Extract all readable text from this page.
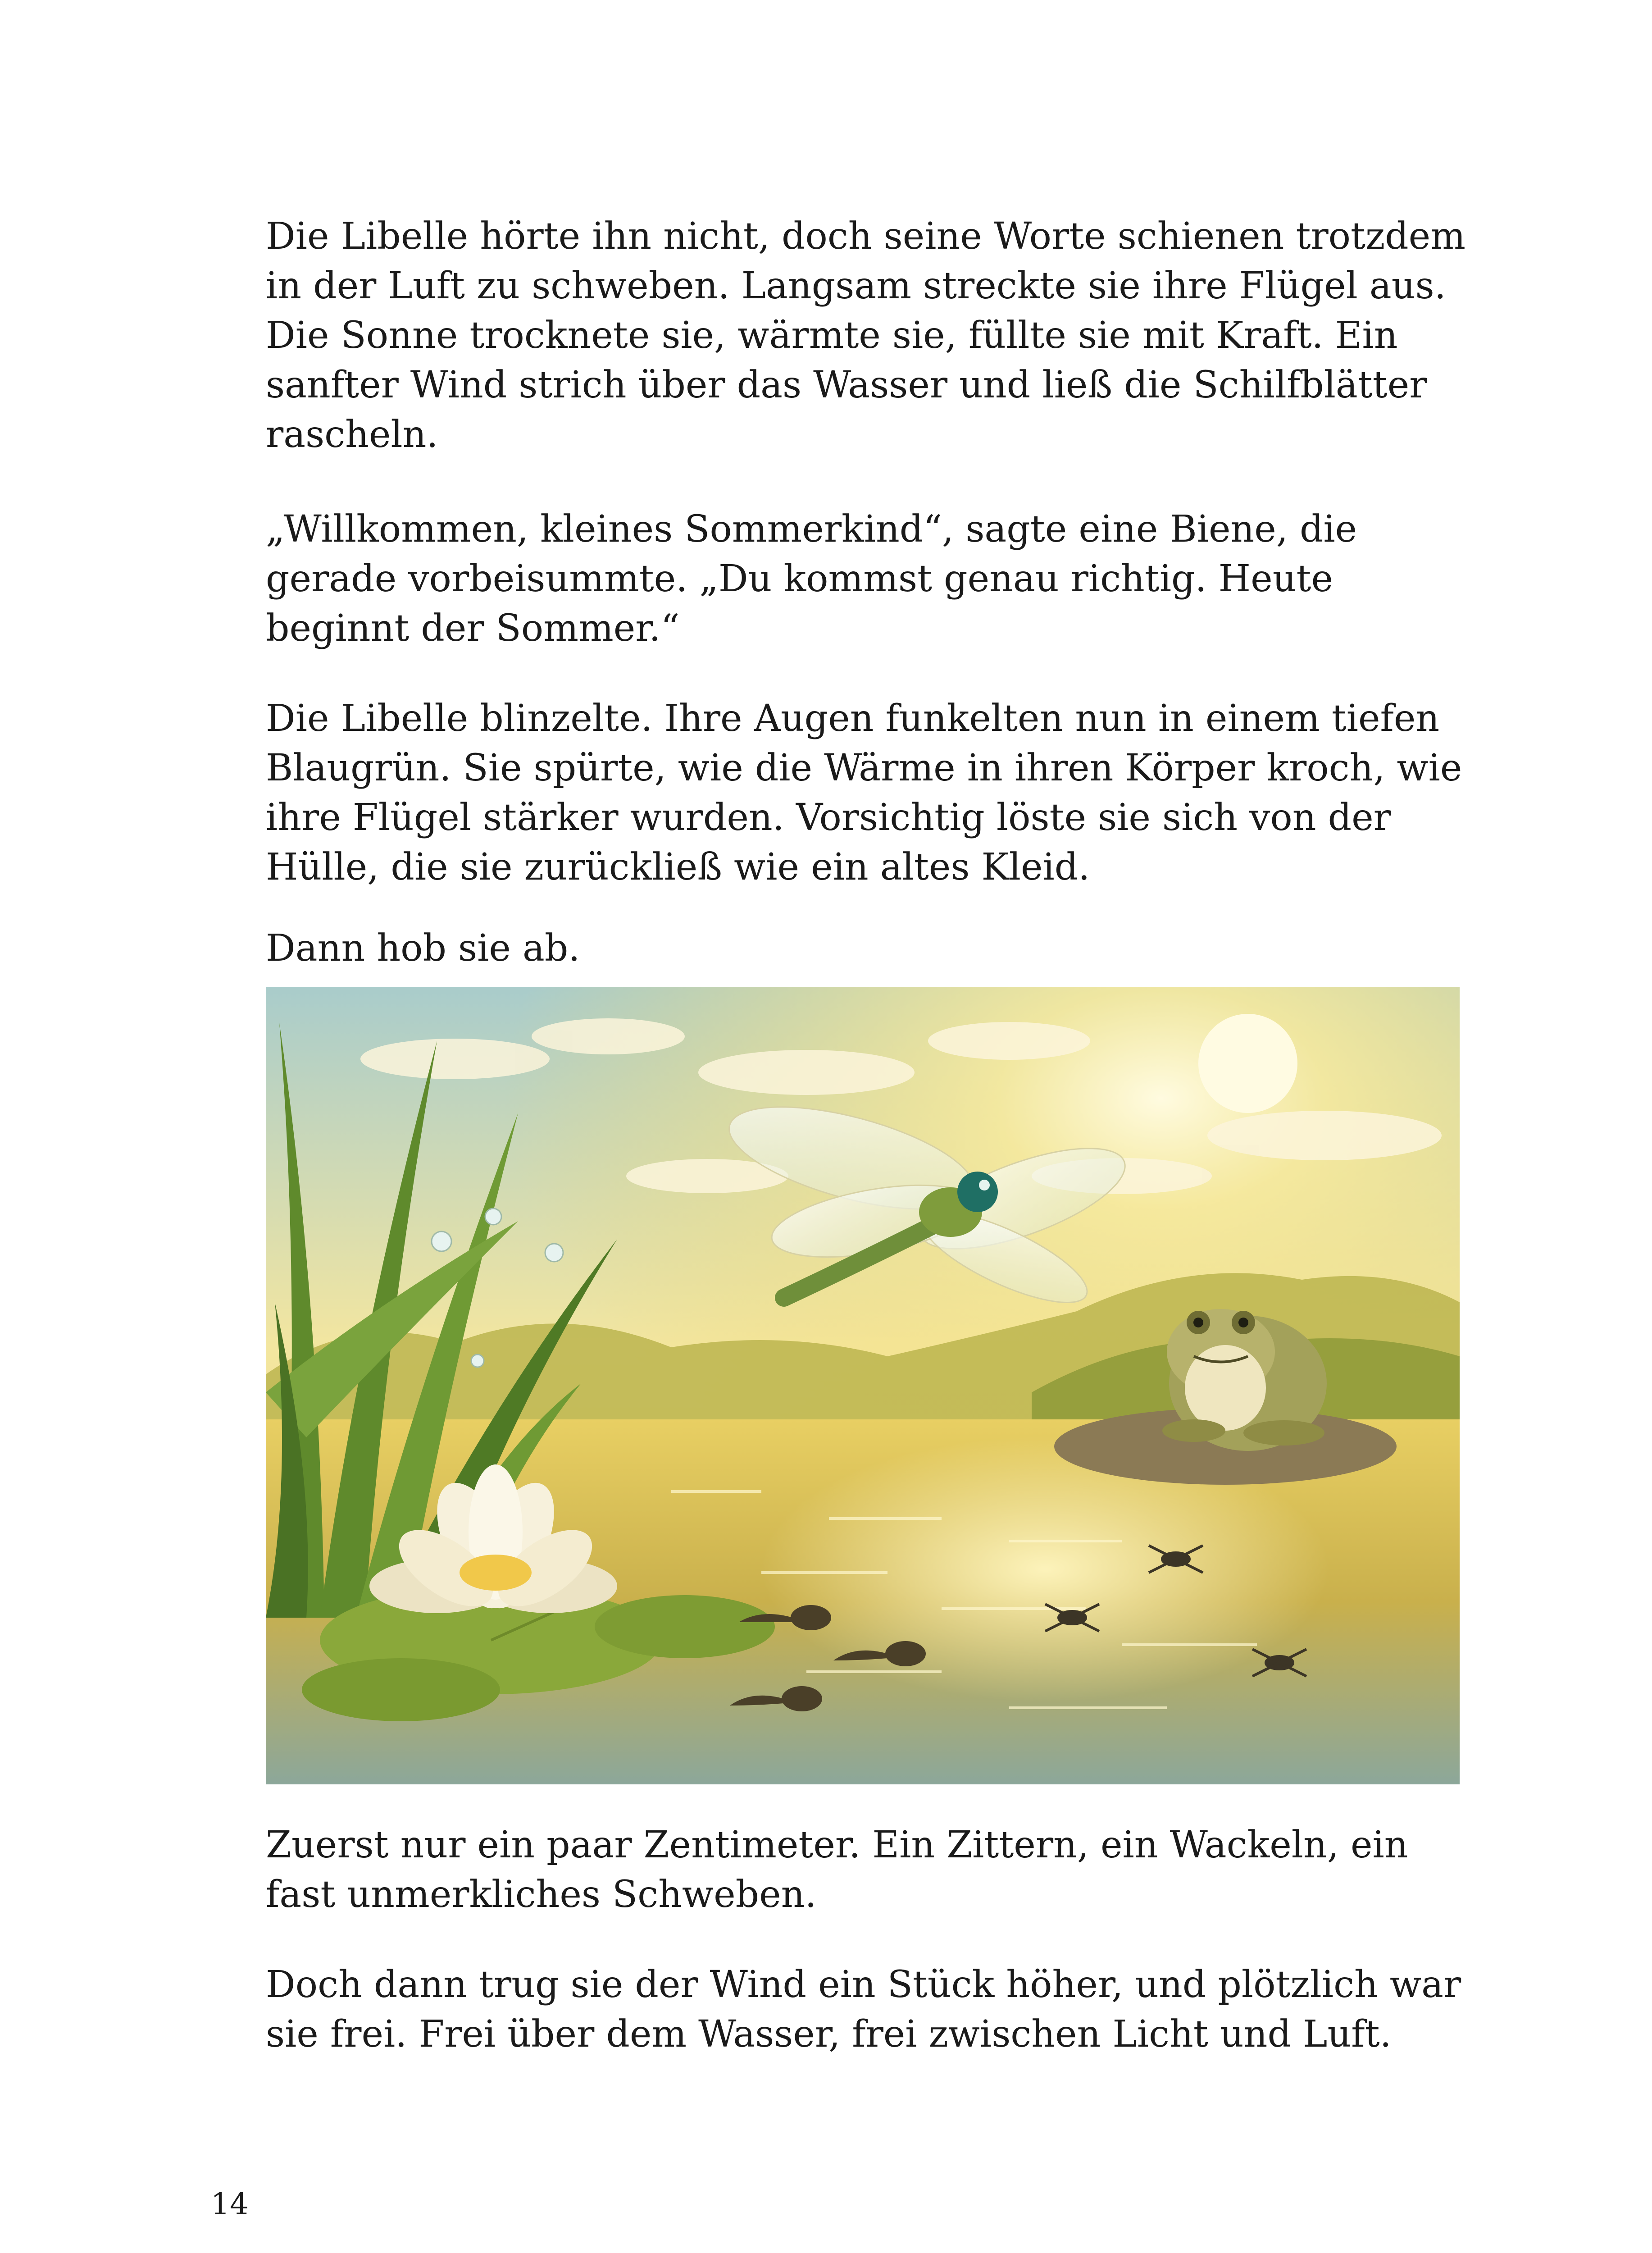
Die Libelle hörte ihn nicht, doch seine Worte schienen trotzdem
in der Luft zu schweben. Langsam streckte sie ihre Flügel aus.
Die Sonne trocknete sie, wärmte sie, füllte sie mit Kraft. Ein
sanfter Wind strich über das Wasser und ließ die Schilfblätter
rascheln.

„Willkommen, kleines Sommerkind“, sagte eine Biene, die
gerade vorbeisummte. „Du kommst genau richtig. Heute
beginnt der Sommer.“

Die Libelle blinzelte. Ihre Augen funkelten nun in einem tiefen
Blaugrün. Sie spürte, wie die Wärme in ihren Körper kroch, wie
ihre Flügel stärker wurden. Vorsichtig löste sie sich von der
Hülle, die sie zurückließ wie ein altes Kleid.

Dann hob sie ab.

Zuerst nur ein paar Zentimeter. Ein Zittern, ein Wackeln, ein
fast unmerkliches Schweben.

Doch dann trug sie der Wind ein Stück höher, und plötzlich war
sie frei. Frei über dem Wasser, frei zwischen Licht und Luft.

14
